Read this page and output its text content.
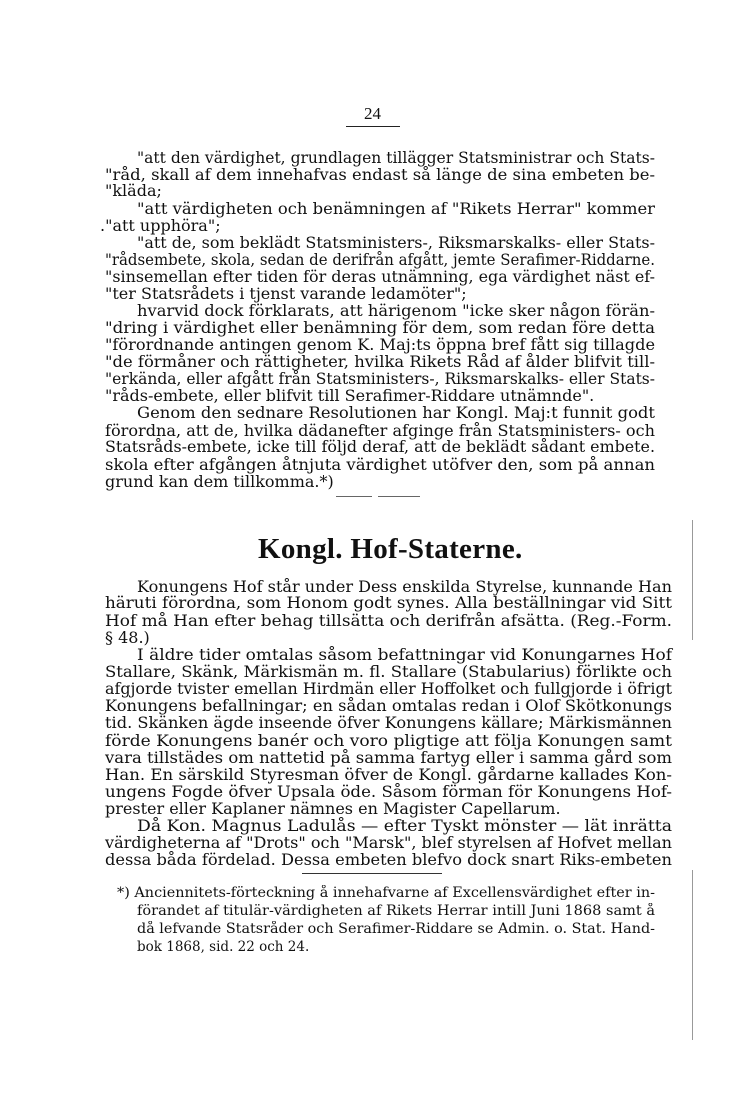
24
"att den värdighet, grundlagen tillägger Statsministrar och Stats-
"råd, skall af dem innehafvas endast så länge de sina embeten be-
"kläda;
"att värdigheten och benämningen af "Rikets Herrar" kommer
."att upphöra";
"att de, som beklädt Statsministers-, Riksmarskalks- eller Stats-
"rådsembete, skola, sedan de derifrån afgått, jemte Serafimer-Riddarne.
"sinsemellan efter tiden för deras utnämning, ega värdighet näst ef-
"ter Statsrådets i tjenst varande ledamöter";
hvarvid dock förklarats, att härigenom "icke sker någon förän-
"dring i värdighet eller benämning för dem, som redan före detta
"förordnande antingen genom K. Maj:ts öppna bref fått sig tillagde
"de förmåner och rättigheter, hvilka Rikets Råd af ålder blifvit till-
"erkända, eller afgått från Statsministers-, Riksmarskalks- eller Stats-
"råds-embete, eller blifvit till Serafimer-Riddare utnämnde".
Genom den sednare Resolutionen har Kongl. Maj:t funnit godt
förordna, att de, hvilka dädanefter afginge från Statsministers- och
Statsråds-embete, icke till följd deraf, att de beklädt sådant embete.
skola efter afgången åtnjuta värdighet utöfver den, som på annan
grund kan dem tillkomma.*)
Kongl. Hof-Staterne.
Konungens Hof står under Dess enskilda Styrelse, kunnande Han
häruti förordna, som Honom godt synes. Alla beställningar vid Sitt
Hof må Han efter behag tillsätta och derifrån afsätta. (Reg.-Form.
§ 48.)
I äldre tider omtalas såsom befattningar vid Konungarnes Hof
Stallare, Skänk, Märkismän m. fl. Stallare (Stabularius) förlikte och
afgjorde tvister emellan Hirdmän eller Hoffolket och fullgjorde i öfrigt
Konungens befallningar; en sådan omtalas redan i Olof Skötkonungs
tid. Skänken ägde inseende öfver Konungens källare; Märkismännen
förde Konungens banér och voro pligtige att följa Konungen samt
vara tillstädes om nattetid på samma fartyg eller i samma gård som
Han. En särskild Styresman öfver de Kongl. gårdarne kallades Kon-
ungens Fogde öfver Upsala öde. Såsom förman för Konungens Hof-
prester eller Kaplaner nämnes en Magister Capellarum.
Då Kon. Magnus Ladulås — efter Tyskt mönster — lät inrätta
värdigheterna af "Drots" och "Marsk", blef styrelsen af Hofvet mellan
dessa båda fördelad. Dessa embeten blefvo dock snart Riks-embeten
*) Anciennitets-förteckning å innehafvarne af Excellensvärdighet efter in-
förandet af titulär-värdigheten af Rikets Herrar intill Juni 1868 samt å
då lefvande Statsråder och Serafimer-Riddare se Admin. o. Stat. Hand-
bok 1868, sid. 22 och 24.
